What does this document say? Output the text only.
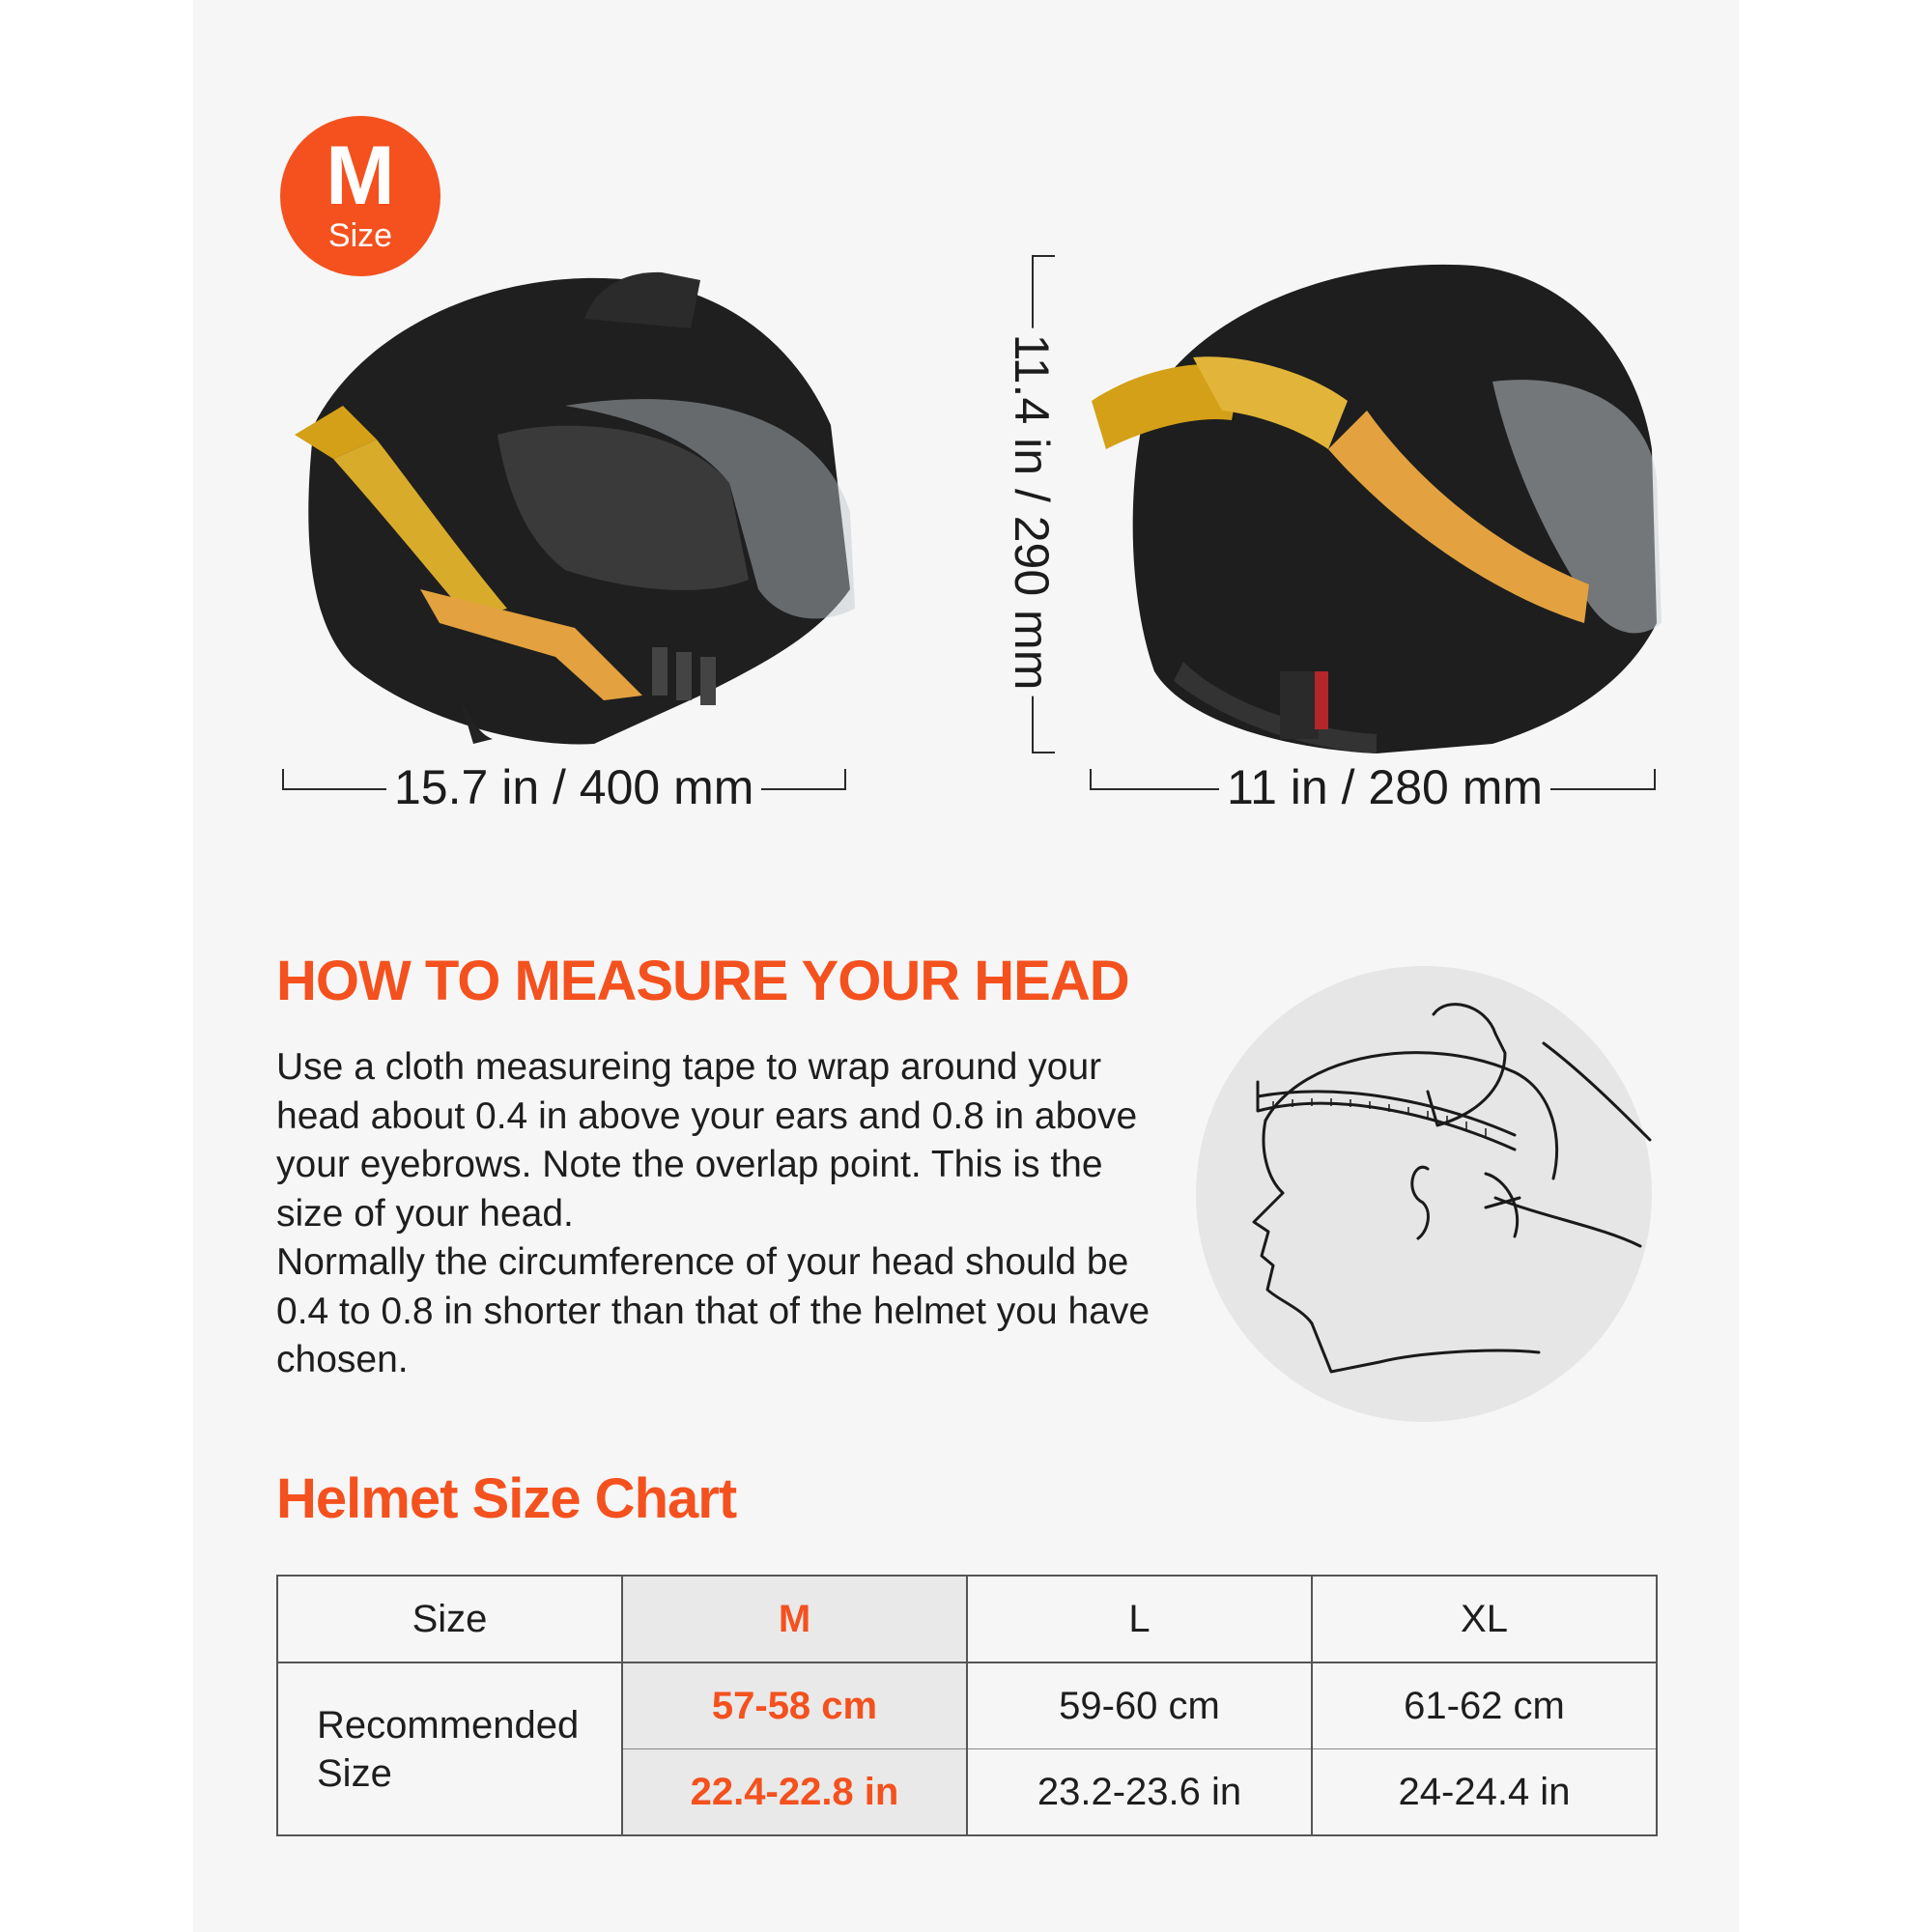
M
Size
15.7 in / 400 mm
11.4 in / 290 mm
11 in / 280 mm
HOW TO MEASURE YOUR HEAD

Use a cloth measureing tape to wrap around your head about 0.4 in above your ears and 0.8 in above your eyebrows. Note the overlap point. This is the size of your head.

Normally the circumference of your head should be 0.4 to 0.8 in shorter than that of the helmet you have chosen.

Helmet Size Chart
Size	M	L	XL
Recommended Size	57-58 cm	59-60 cm	61-62 cm
	22.4-22.8 in	23.2-23.6 in	24-24.4 in
